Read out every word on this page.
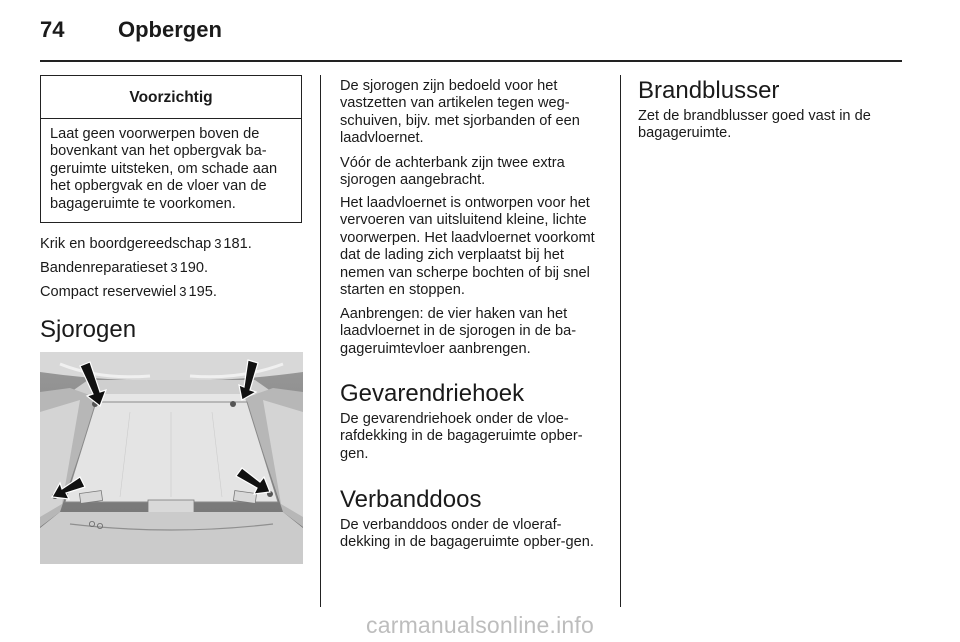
74 Opbergen
Voorzichtig
Laat geen voorwerpen boven de bovenkant van het opbergvak ba-geruimte uitsteken, om schade aan het opbergvak en de vloer van de bagageruimte te voorkomen.
Krik en boordgereedschap 3 181.
Bandenreparatieset 3 190.
Compact reservewiel 3 195.
Sjorogen
De sjorogen zijn bedoeld voor het vastzetten van artikelen tegen weg-schuiven, bijv. met sjorbanden of een laadvloernet.
Vóór de achterbank zijn twee extra sjorogen aangebracht.
Het laadvloernet is ontworpen voor het vervoeren van uitsluitend kleine, lichte voorwerpen. Het laadvloernet voorkomt dat de lading zich verplaatst bij het nemen van scherpe bochten of bij snel starten en stoppen.
Aanbrengen: de vier haken van het laadvloernet in de sjorogen in de ba-gageruimtevloer aanbrengen.
Gevarendriehoek
De gevarendriehoek onder de vloe-rafdekking in de bagageruimte opber-gen.
Verbanddoos
De verbanddoos onder de vloeraf-dekking in de bagageruimte opber-gen.
Brandblusser
Zet de brandblusser goed vast in de bagageruimte.
carmanualsonline.info
